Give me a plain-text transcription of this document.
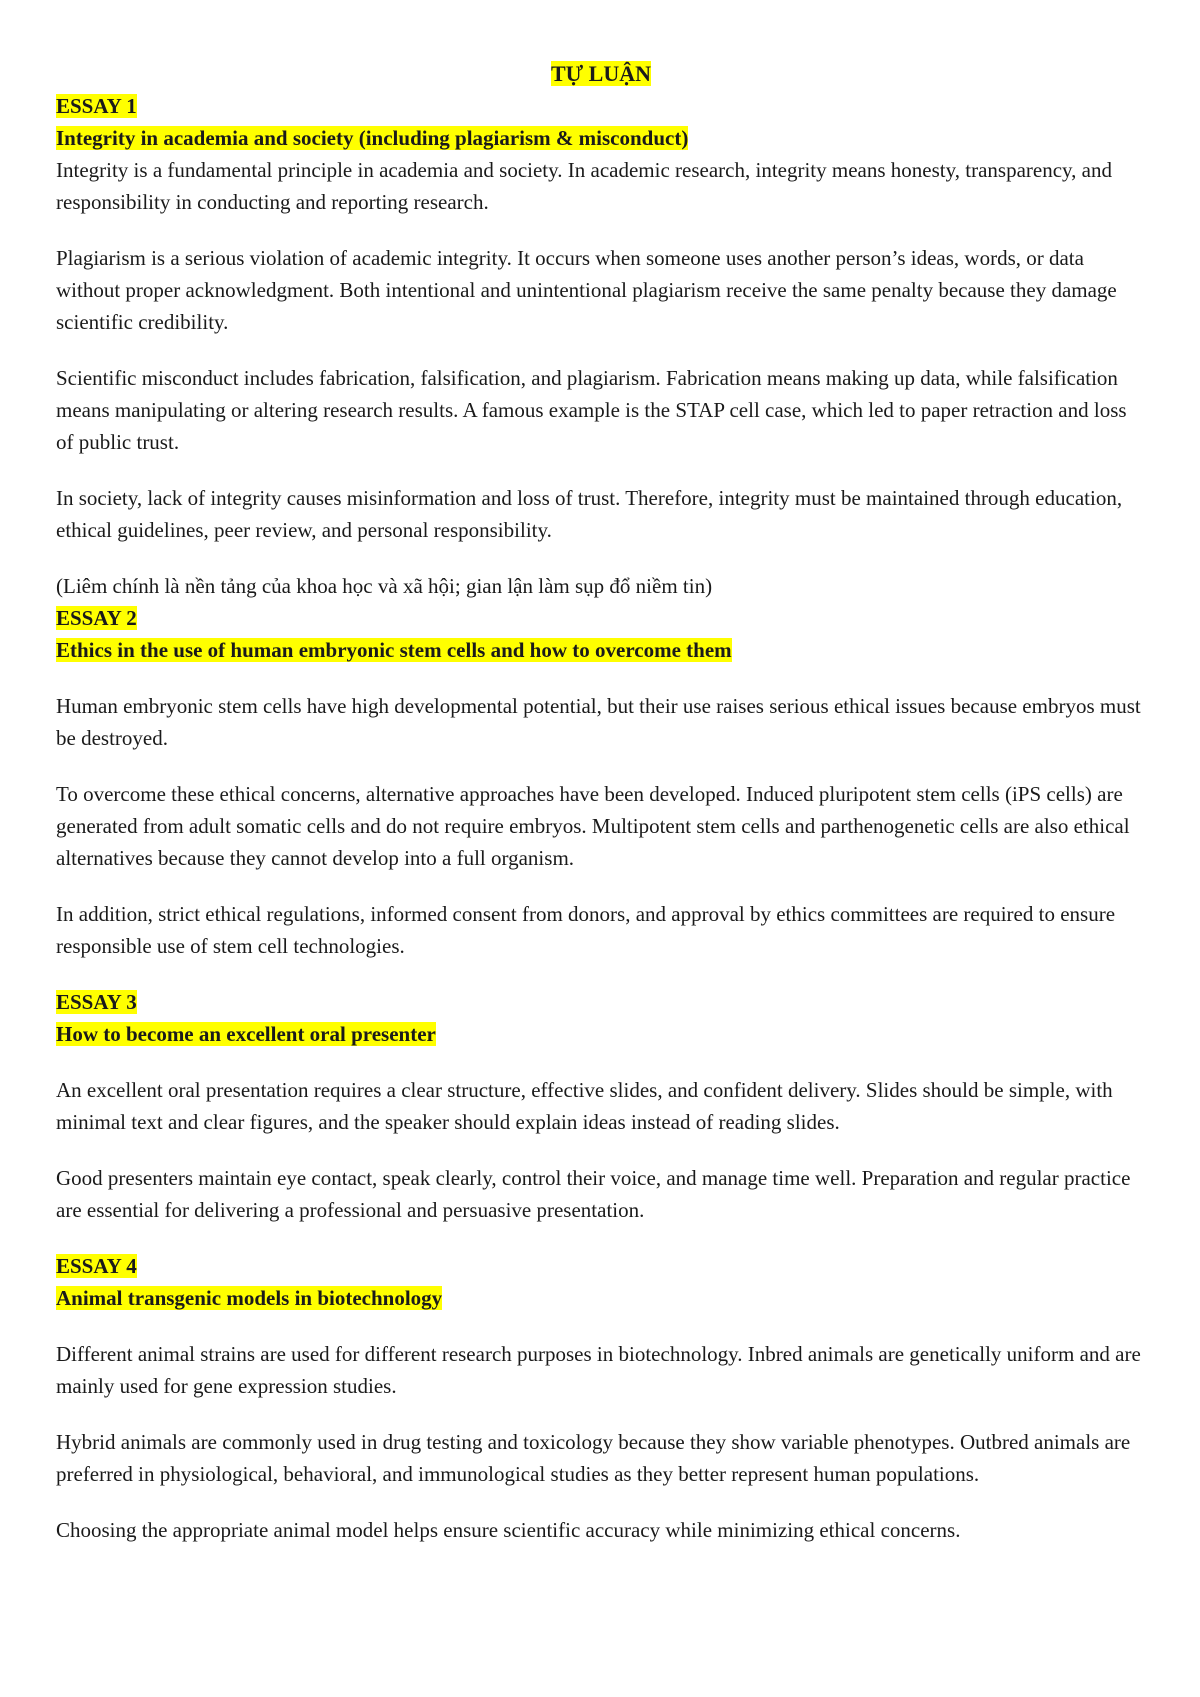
TỰ LUẬN
ESSAY 1
Integrity in academia and society (including plagiarism & misconduct)

Integrity is a fundamental principle in academia and society. In academic research, integrity means honesty, transparency, and responsibility in conducting and reporting research.

Plagiarism is a serious violation of academic integrity. It occurs when someone uses another person’s ideas, words, or data without proper acknowledgment. Both intentional and unintentional plagiarism receive the same penalty because they damage scientific credibility.

Scientific misconduct includes fabrication, falsification, and plagiarism. Fabrication means making up data, while falsification means manipulating or altering research results. A famous example is the STAP cell case, which led to paper retraction and loss of public trust.

In society, lack of integrity causes misinformation and loss of trust. Therefore, integrity must be maintained through education, ethical guidelines, peer review, and personal responsibility.

(Liêm chính là nền tảng của khoa học và xã hội; gian lận làm sụp đổ niềm tin)

ESSAY 2
Ethics in the use of human embryonic stem cells and how to overcome them

Human embryonic stem cells have high developmental potential, but their use raises serious ethical issues because embryos must be destroyed.

To overcome these ethical concerns, alternative approaches have been developed. Induced pluripotent stem cells (iPS cells) are generated from adult somatic cells and do not require embryos. Multipotent stem cells and parthenogenetic cells are also ethical alternatives because they cannot develop into a full organism.

In addition, strict ethical regulations, informed consent from donors, and approval by ethics committees are required to ensure responsible use of stem cell technologies.

ESSAY 3
How to become an excellent oral presenter

An excellent oral presentation requires a clear structure, effective slides, and confident delivery. Slides should be simple, with minimal text and clear figures, and the speaker should explain ideas instead of reading slides.

Good presenters maintain eye contact, speak clearly, control their voice, and manage time well. Preparation and regular practice are essential for delivering a professional and persuasive presentation.

ESSAY 4
Animal transgenic models in biotechnology

Different animal strains are used for different research purposes in biotechnology. Inbred animals are genetically uniform and are mainly used for gene expression studies.

Hybrid animals are commonly used in drug testing and toxicology because they show variable phenotypes. Outbred animals are preferred in physiological, behavioral, and immunological studies as they better represent human populations.

Choosing the appropriate animal model helps ensure scientific accuracy while minimizing ethical concerns.
